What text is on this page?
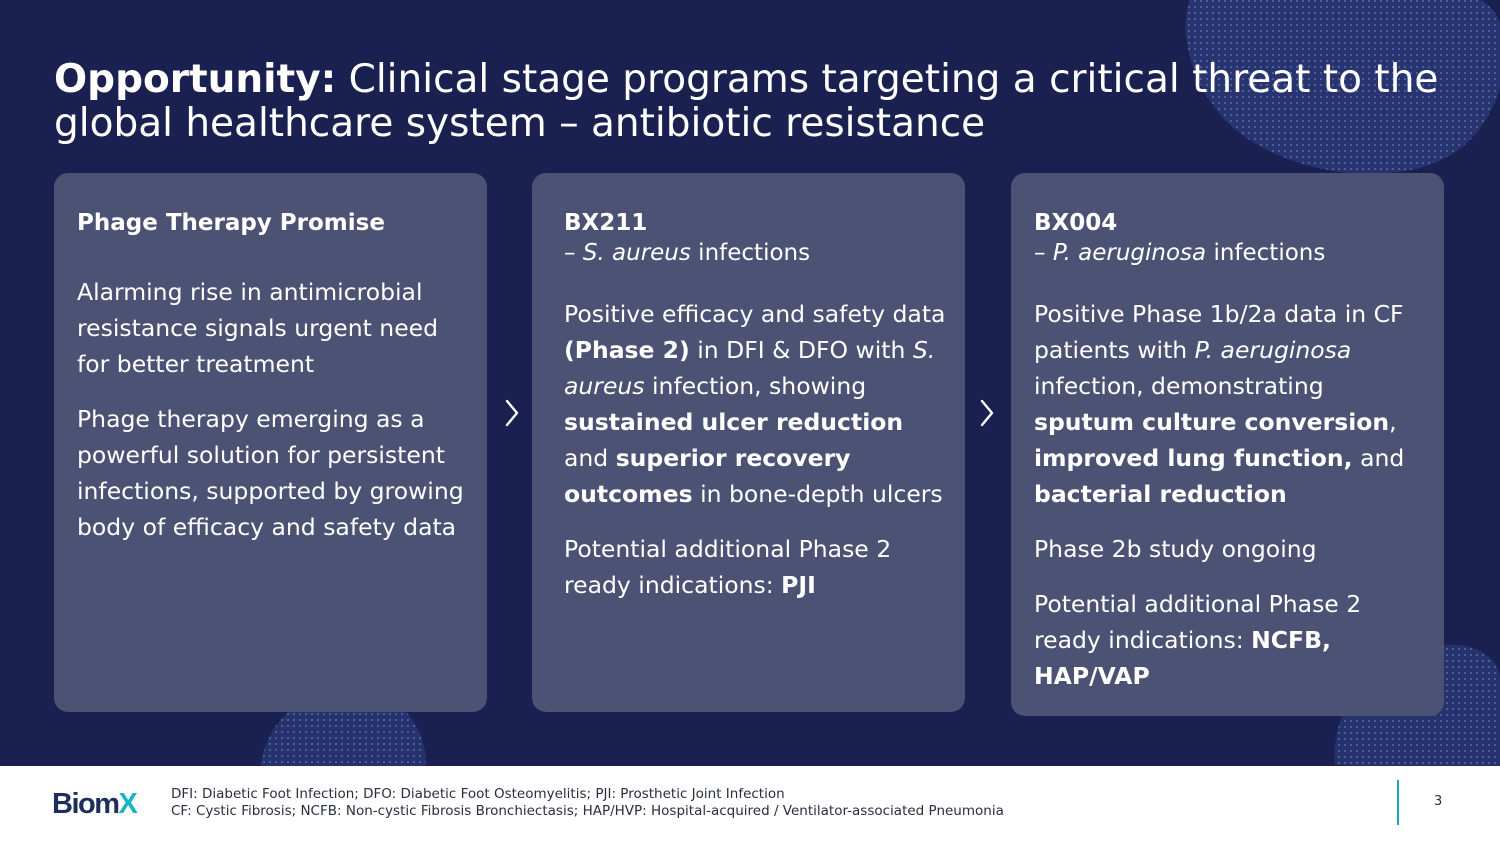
Opportunity: Clinical stage programs targeting a critical threat to the global healthcare system – antibiotic resistance

Phage Therapy Promise

Alarming rise in antimicrobial resistance signals urgent need for better treatment

Phage therapy emerging as a powerful solution for persistent infections, supported by growing body of efficacy and safety data

BX211

– S. aureus infections

Positive efficacy and safety data (Phase 2) in DFI & DFO with S. aureus infection, showing sustained ulcer reduction and superior recovery outcomes in bone-depth ulcers

Potential additional Phase 2 ready indications: PJI

BX004

– P. aeruginosa infections

Positive Phase 1b/2a data in CF patients with P. aeruginosa infection, demonstrating sputum culture conversion, improved lung function, and bacterial reduction

Phase 2b study ongoing

Potential additional Phase 2 ready indications: NCFB, HAP/VAP

BiomX	DFI: Diabetic Foot Infection; DFO: Diabetic Foot Osteomyelitis; PJI: Prosthetic Joint Infection
CF: Cystic Fibrosis; NCFB: Non-cystic Fibrosis Bronchiectasis; HAP/HVP: Hospital-acquired / Ventilator-associated Pneumonia
3
